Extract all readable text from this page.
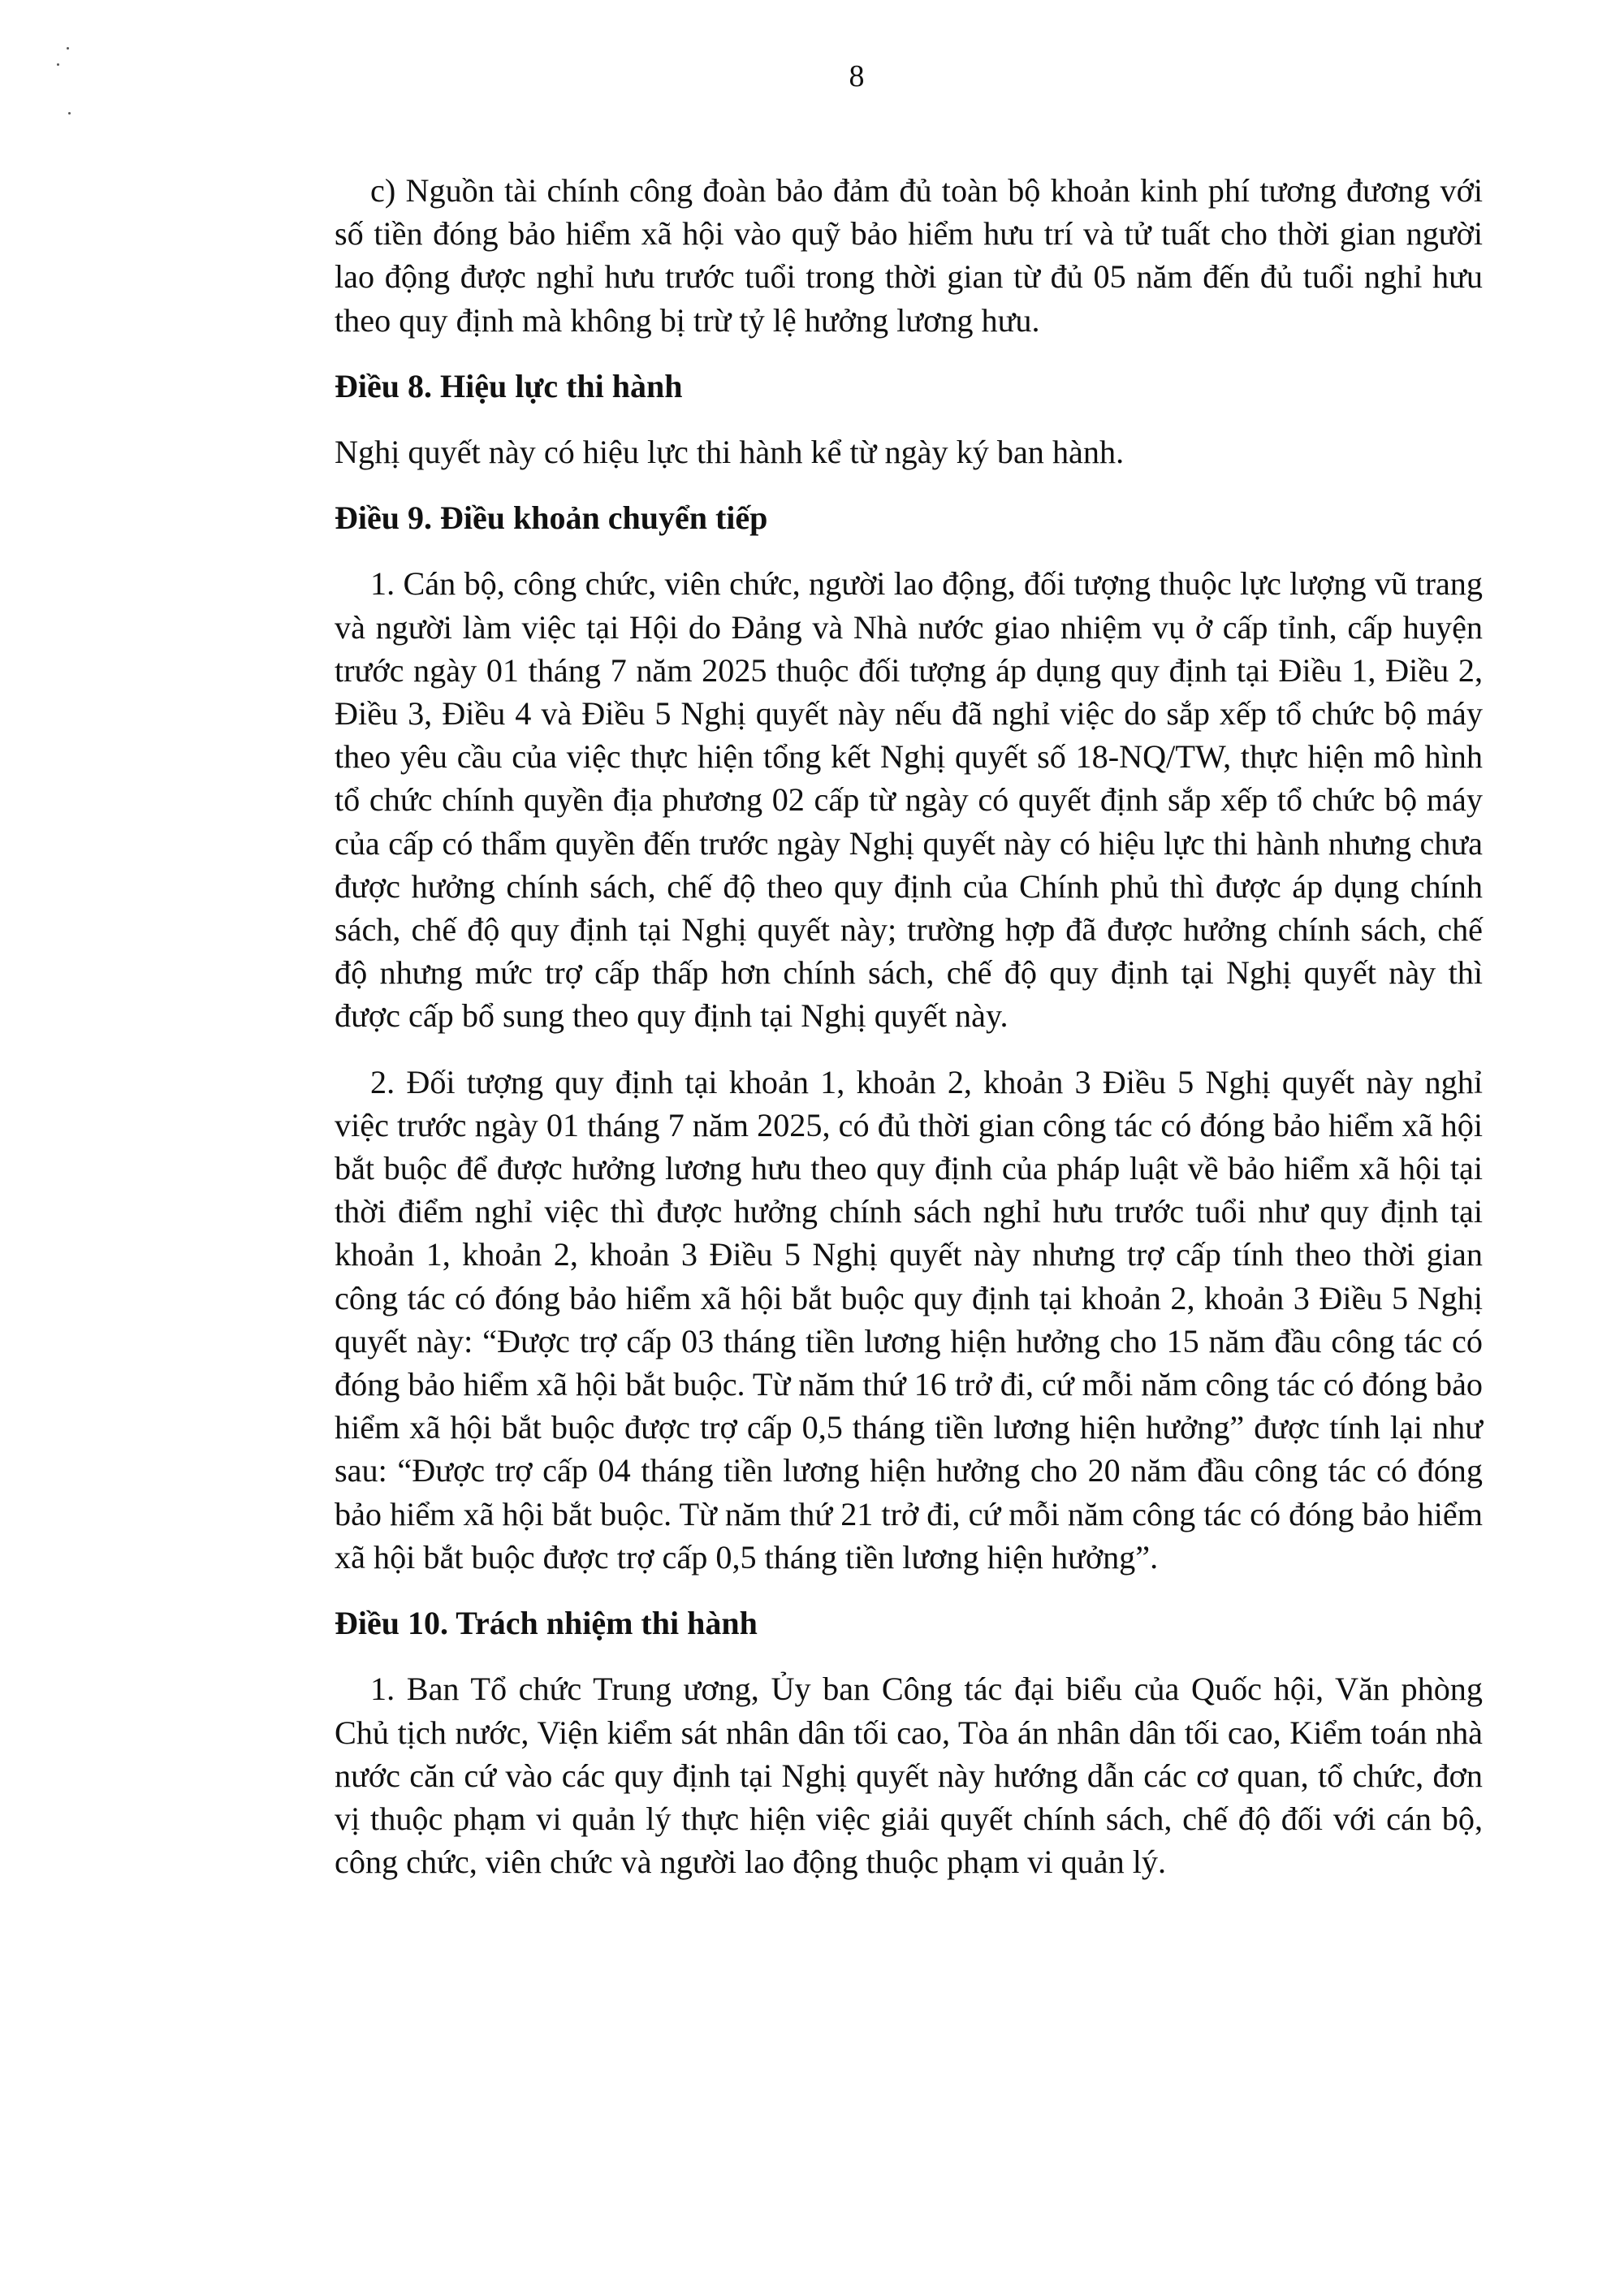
8

c) Nguồn tài chính công đoàn bảo đảm đủ toàn bộ khoản kinh phí tương đương với số tiền đóng bảo hiểm xã hội vào quỹ bảo hiểm hưu trí và tử tuất cho thời gian người lao động được nghỉ hưu trước tuổi trong thời gian từ đủ 05 năm đến đủ tuổi nghỉ hưu theo quy định mà không bị trừ tỷ lệ hưởng lương hưu.

Điều 8. Hiệu lực thi hành

Nghị quyết này có hiệu lực thi hành kể từ ngày ký ban hành.

Điều 9. Điều khoản chuyển tiếp

1. Cán bộ, công chức, viên chức, người lao động, đối tượng thuộc lực lượng vũ trang và người làm việc tại Hội do Đảng và Nhà nước giao nhiệm vụ ở cấp tỉnh, cấp huyện trước ngày 01 tháng 7 năm 2025 thuộc đối tượng áp dụng quy định tại Điều 1, Điều 2, Điều 3, Điều 4 và Điều 5 Nghị quyết này nếu đã nghỉ việc do sắp xếp tổ chức bộ máy theo yêu cầu của việc thực hiện tổng kết Nghị quyết số 18-NQ/TW, thực hiện mô hình tổ chức chính quyền địa phương 02 cấp từ ngày có quyết định sắp xếp tổ chức bộ máy của cấp có thẩm quyền đến trước ngày Nghị quyết này có hiệu lực thi hành nhưng chưa được hưởng chính sách, chế độ theo quy định của Chính phủ thì được áp dụng chính sách, chế độ quy định tại Nghị quyết này; trường hợp đã được hưởng chính sách, chế độ nhưng mức trợ cấp thấp hơn chính sách, chế độ quy định tại Nghị quyết này thì được cấp bổ sung theo quy định tại Nghị quyết này.

2. Đối tượng quy định tại khoản 1, khoản 2, khoản 3 Điều 5 Nghị quyết này nghỉ việc trước ngày 01 tháng 7 năm 2025, có đủ thời gian công tác có đóng bảo hiểm xã hội bắt buộc để được hưởng lương hưu theo quy định của pháp luật về bảo hiểm xã hội tại thời điểm nghỉ việc thì được hưởng chính sách nghỉ hưu trước tuổi như quy định tại khoản 1, khoản 2, khoản 3 Điều 5 Nghị quyết này nhưng trợ cấp tính theo thời gian công tác có đóng bảo hiểm xã hội bắt buộc quy định tại khoản 2, khoản 3 Điều 5 Nghị quyết này: “Được trợ cấp 03 tháng tiền lương hiện hưởng cho 15 năm đầu công tác có đóng bảo hiểm xã hội bắt buộc. Từ năm thứ 16 trở đi, cứ mỗi năm công tác có đóng bảo hiểm xã hội bắt buộc được trợ cấp 0,5 tháng tiền lương hiện hưởng” được tính lại như sau: “Được trợ cấp 04 tháng tiền lương hiện hưởng cho 20 năm đầu công tác có đóng bảo hiểm xã hội bắt buộc. Từ năm thứ 21 trở đi, cứ mỗi năm công tác có đóng bảo hiểm xã hội bắt buộc được trợ cấp 0,5 tháng tiền lương hiện hưởng”.

Điều 10. Trách nhiệm thi hành

1. Ban Tổ chức Trung ương, Ủy ban Công tác đại biểu của Quốc hội, Văn phòng Chủ tịch nước, Viện kiểm sát nhân dân tối cao, Tòa án nhân dân tối cao, Kiểm toán nhà nước căn cứ vào các quy định tại Nghị quyết này hướng dẫn các cơ quan, tổ chức, đơn vị thuộc phạm vi quản lý thực hiện việc giải quyết chính sách, chế độ đối với cán bộ, công chức, viên chức và người lao động thuộc phạm vi quản lý.
